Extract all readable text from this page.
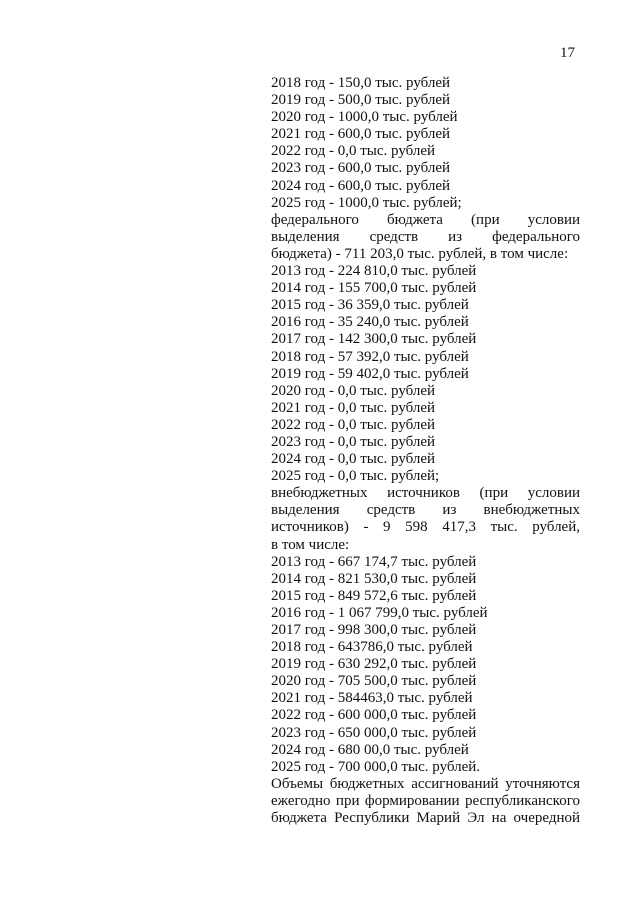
17
2018 год - 150,0 тыс. рублей
2019 год - 500,0 тыс. рублей
2020 год - 1000,0 тыс. рублей
2021 год - 600,0 тыс. рублей
2022 год - 0,0 тыс. рублей
2023 год - 600,0 тыс. рублей
2024 год - 600,0 тыс. рублей
2025 год - 1000,0 тыс. рублей;
федерального бюджета (при условии
выделения средств из федерального
бюджета) - 711 203,0 тыс. рублей, в том числе:
2013 год - 224 810,0 тыс. рублей
2014 год - 155 700,0 тыс. рублей
2015 год - 36 359,0 тыс. рублей
2016 год - 35 240,0 тыс. рублей
2017 год - 142 300,0 тыс. рублей
2018 год - 57 392,0 тыс. рублей
2019 год - 59 402,0 тыс. рублей
2020 год - 0,0 тыс. рублей
2021 год - 0,0 тыс. рублей
2022 год - 0,0 тыс. рублей
2023 год - 0,0 тыс. рублей
2024 год - 0,0 тыс. рублей
2025 год - 0,0 тыс. рублей;
внебюджетных источников (при условии
выделения средств из внебюджетных
источников) - 9 598 417,3 тыс. рублей,
в том числе:
2013 год - 667 174,7 тыс. рублей
2014 год - 821 530,0 тыс. рублей
2015 год - 849 572,6 тыс. рублей
2016 год - 1 067 799,0 тыс. рублей
2017 год - 998 300,0 тыс. рублей
2018 год - 643786,0 тыс. рублей
2019 год - 630 292,0 тыс. рублей
2020 год - 705 500,0 тыс. рублей
2021 год - 584463,0 тыс. рублей
2022 год - 600 000,0 тыс. рублей
2023 год - 650 000,0 тыс. рублей
2024 год - 680 00,0 тыс. рублей
2025 год - 700 000,0 тыс. рублей.
Объемы бюджетных ассигнований уточняются
ежегодно при формировании республиканского
бюджета Республики Марий Эл на очередной
